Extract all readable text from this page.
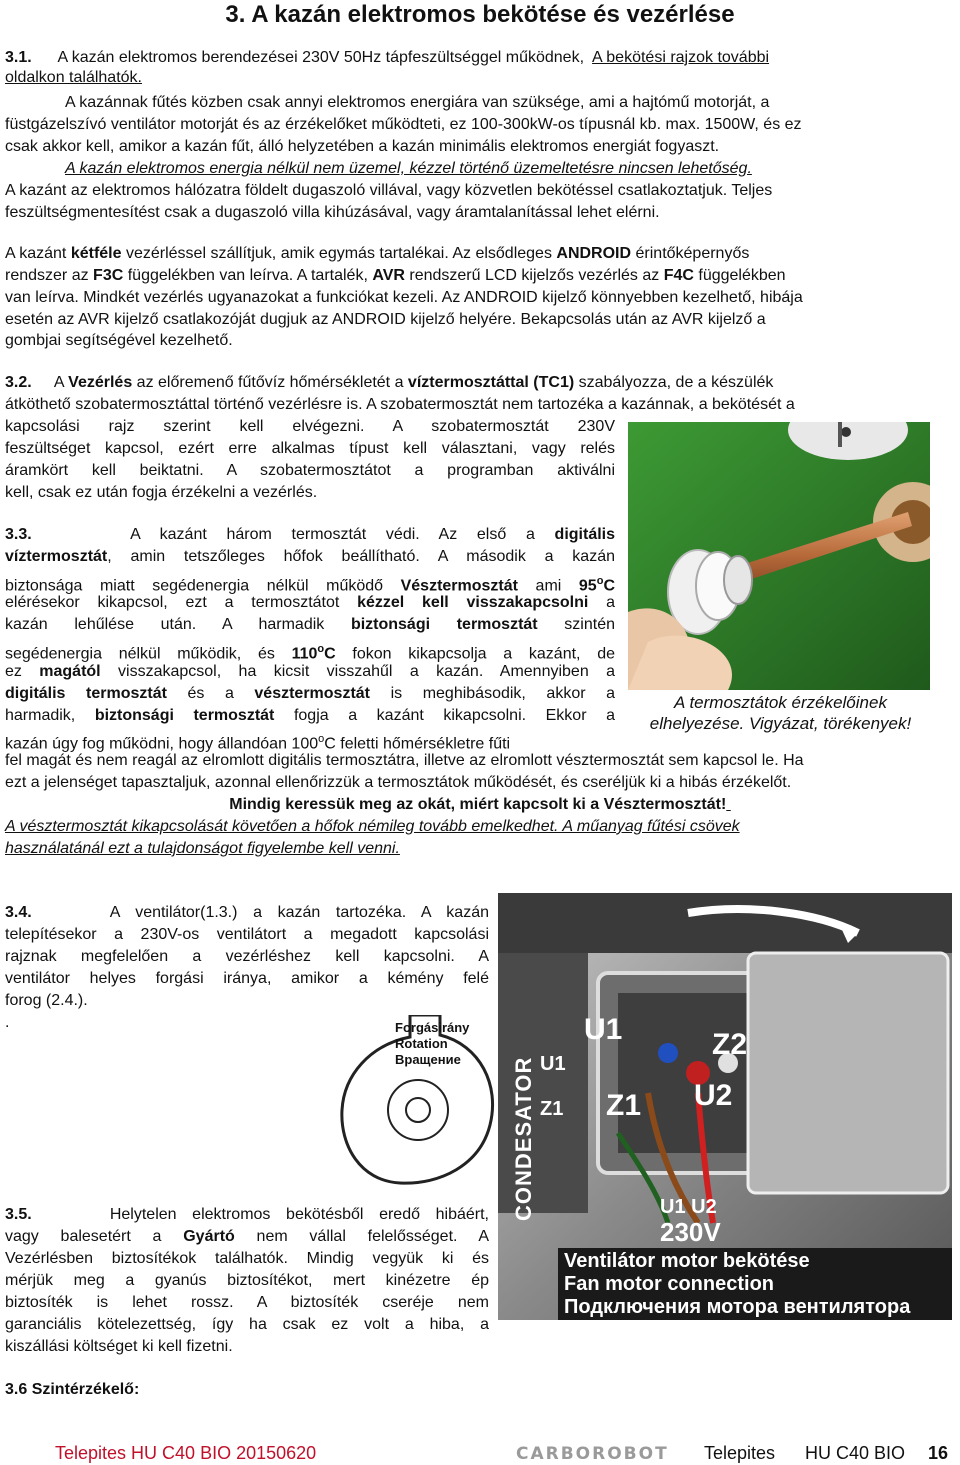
3. A kazán elektromos bekötése és vezérlése
3.1. A kazán elektromos berendezései 230V 50Hz tápfeszültséggel működnek, A bekötési rajzok további
oldalkon találhatók.
A kazánnak fűtés közben csak annyi elektromos energiára van szüksége, ami a hajtómű motorját, a
füstgázelszívó ventilátor motorját és az érzékelőket működteti, ez 100-300kW-os típusnál kb. max. 1500W, és ez
csak akkor kell, amikor a kazán fűt, álló helyzetében a kazán minimális elektromos energiát fogyaszt.
A kazán elektromos energia nélkül nem üzemel, kézzel történő üzemeltetésre nincsen lehetőség.
A kazánt az elektromos hálózatra földelt dugaszoló villával, vagy közvetlen bekötéssel csatlakoztatjuk. Teljes
feszültségmentesítést csak a dugaszoló villa kihúzásával, vagy áramtalanítással lehet elérni.
A kazánt kétféle vezérléssel szállítjuk, amik egymás tartalékai. Az elsődleges ANDROID érintőképernyős
rendszer az F3C függelékben van leírva. A tartalék, AVR rendszerű LCD kijelzős vezérlés az F4C függelékben
van leírva. Mindkét vezérlés ugyanazokat a funkciókat kezeli. Az ANDROID kijelző könnyebben kezelhető, hibája
esetén az AVR kijelző csatlakozóját dugjuk az ANDROID kijelző helyére. Bekapcsolás után az AVR kijelző a
gombjai segítségével kezelhető.
3.2. A Vezérlés az előremenő fűtővíz hőmérsékletét a víztermosztáttal (TC1) szabályozza, de a készülék
átköthető szobatermosztáttal történő vezérlésre is. A szobatermosztát nem tartozéka a kazánnak, a bekötését a
kapcsolási rajz szerint kell elvégezni. A szobatermosztát 230V
feszültséget kapcsol, ezért erre alkalmas típust kell választani, vagy relés
áramkört kell beiktatni. A szobatermosztátot a programban aktiválni
kell, csak ez után fogja érzékelni a vezérlés.
A termosztátok érzékelőinek
elhelyezése. Vigyázat, törékenyek!
3.3.	A kazánt három termosztát védi. Az első a digitális
víztermosztát, amin tetszőleges hőfok beállítható. A második a kazán
biztonsága miatt segédenergia nélkül működő Vésztermosztát ami 95$^o$C
elérésekor kikapcsol, ezt a termosztátot kézzel kell visszakapcsolni a
kazán lehűlése után. A harmadik biztonsági termosztát szintén
segédenergia nélkül működik, és 110$^o$C fokon kikapcsolja a kazánt, de
ez magától visszakapcsol, ha kicsit visszahűl a kazán. Amennyiben a
digitális termosztát és a vésztermosztát is meghibásodik, akkor a
harmadik, biztonsági termosztát fogja a kazánt kikapcsolni. Ekkor a
kazán úgy fog működni, hogy állandóan 100$^o$C feletti hőmérsékletre fűti
fel magát és nem reagál az elromlott digitális termosztátra, illetve az elromlott vésztermosztát sem kapcsol le. Ha
ezt a jelenséget tapasztaljuk, azonnal ellenőrizzük a termosztátok működését, és cseréljük ki a hibás érzékelőt.
Mindig keressük meg az okát, miért kapcsolt ki a Vésztermosztát!
A vésztermosztát kikapcsolását követően a hőfok némileg tovább emelkedhet. A műanyag fűtési csövek
használatánál ezt a tulajdonságot figyelembe kell venni.
3.4.	A ventilátor(1.3.) a kazán tartozéka. A kazán
telepítésekor a 230V-os ventilátort a megadott kapcsolási
rajznak megfelelően a vezérléshez kell kapcsolni. A
ventilátor helyes forgási iránya, amikor a kémény felé
forog (2.4.).
.	Forgásirány
Rotation
Вращение	CONDESATOR
U1	Z2
U1
Z1 Z1 U2
U1 U2
230V
Ventilátor motor bekötése
Fan motor connection
Подключения мотора вентилятора
3.5.	Helytelen elektromos bekötésből eredő hibáért,
vagy balesetért a Gyártó nem vállal felelősséget. A
Vezérlésben biztosítékok találhatók. Mindig vegyük ki és
mérjük meg a gyanús biztosítékot, mert kinézetre ép
biztosíték is lehet rossz. A biztosíték cseréje nem
garanciális kötelezettség, így ha csak ez volt a hiba, a
kiszállási költséget ki kell fizetni.
3.6 Szintérzékelő:
Telepites HU C40 BIO 20150620	CARBOROBOT Telepites HU C40 BIO 16
